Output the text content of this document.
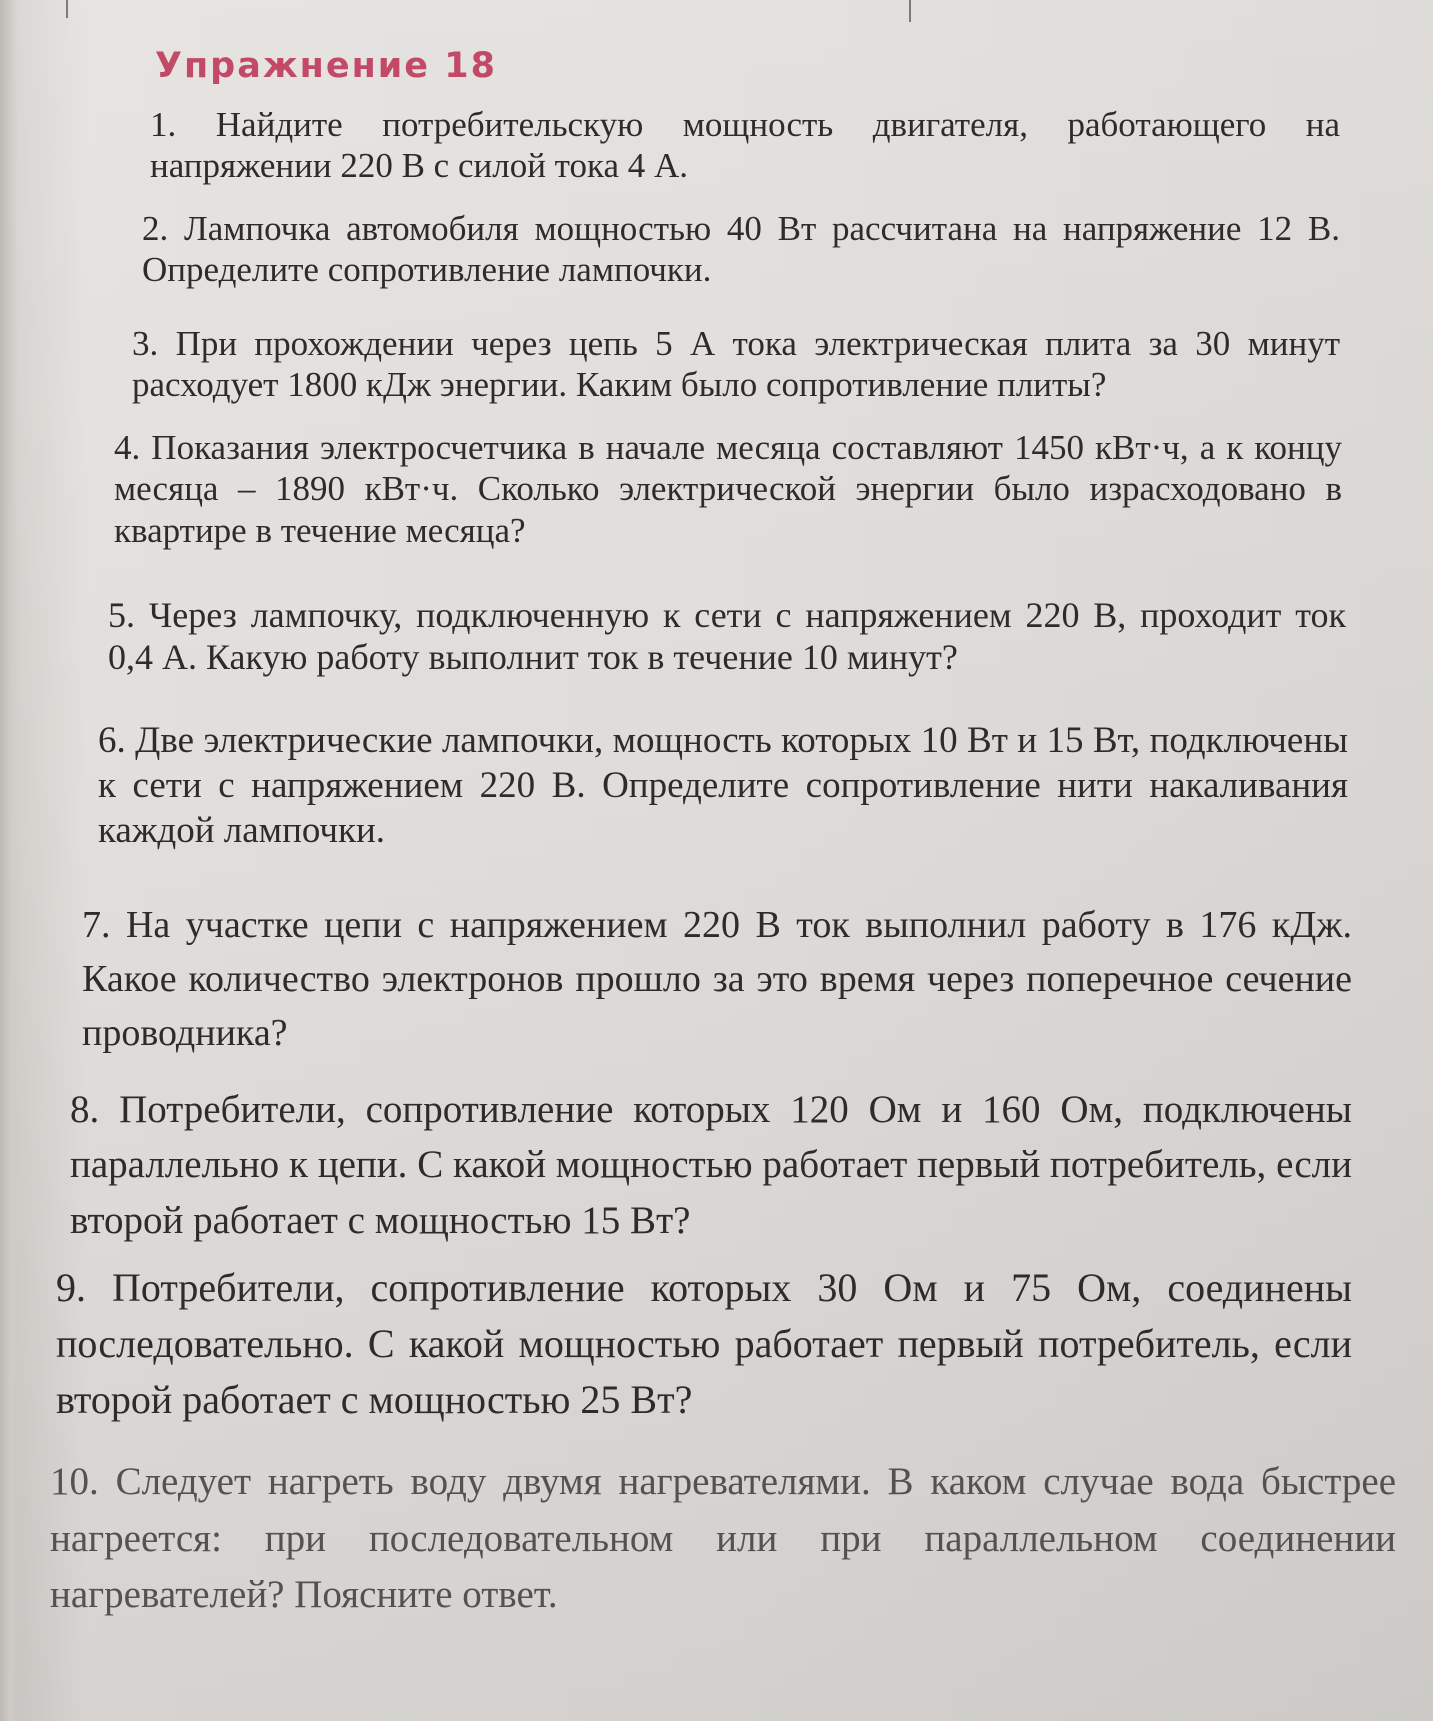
Упражнение 18

1. Найдите потребительскую мощность двигателя, работающего на напряжении 220 В с силой тока 4 А.

2. Лампочка автомобиля мощностью 40 Вт рассчитана на напряжение 12 В. Определите сопротивление лампочки.

3. При прохождении через цепь 5 А тока электрическая плита за 30 минут расходует 1800 кДж энергии. Каким было сопротивление плиты?

4. Показания электросчетчика в начале месяца составляют 1450 кВт·ч, а к концу месяца – 1890 кВт·ч. Сколько электрической энергии было израсходовано в квартире в течение месяца?

5. Через лампочку, подключенную к сети с напряжением 220 В, проходит ток 0,4 А. Какую работу выполнит ток в течение 10 минут?

6. Две электрические лампочки, мощность которых 10 Вт и 15 Вт, подключены к сети с напряжением 220 В. Определите сопротивление нити накаливания каждой лампочки.

7. На участке цепи с напряжением 220 В ток выполнил работу в 176 кДж. Какое количество электронов прошло за это время через поперечное сечение проводника?

8. Потребители, сопротивление которых 120 Ом и 160 Ом, подключены параллельно к цепи. С какой мощностью работает первый потребитель, если второй работает с мощностью 15 Вт?

9. Потребители, сопротивление которых 30 Ом и 75 Ом, соединены последовательно. С какой мощностью работает первый потребитель, если второй работает с мощностью 25 Вт?

10. Следует нагреть воду двумя нагревателями. В каком случае вода быстрее нагреется: при последовательном или при параллельном соединении нагревателей? Поясните ответ.
